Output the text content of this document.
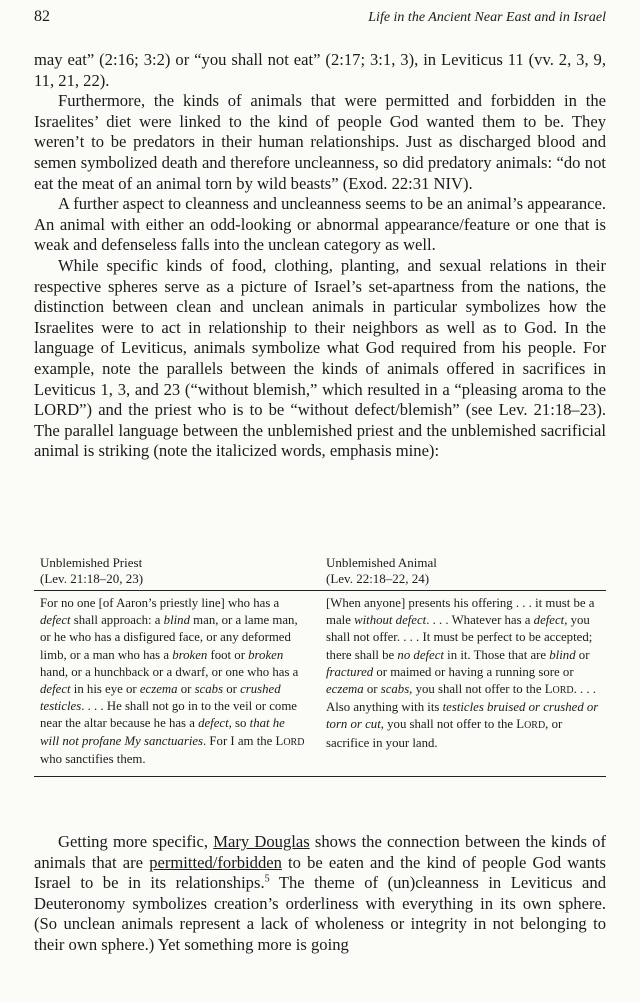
82	Life in the Ancient Near East and in Israel

may eat” (2:16; 3:2) or “you shall not eat” (2:17; 3:1, 3), in Leviticus 11 (vv. 2, 3, 9, 11, 21, 22).

Furthermore, the kinds of animals that were permitted and forbidden in the Israelites’ diet were linked to the kind of people God wanted them to be. They weren’t to be predators in their human relationships. Just as discharged blood and semen symbolized death and therefore uncleanness, so did predatory animals: “do not eat the meat of an animal torn by wild beasts” (Exod. 22:31 NIV).

A further aspect to cleanness and uncleanness seems to be an animal’s appearance. An animal with either an odd-looking or abnormal appearance/feature or one that is weak and defenseless falls into the unclean category as well.

While specific kinds of food, clothing, planting, and sexual relations in their respective spheres serve as a picture of Israel’s set-apartness from the nations, the distinction between clean and unclean animals in particular symbolizes how the Israelites were to act in relationship to their neighbors as well as to God. In the language of Leviticus, animals symbolize what God required from his people. For example, note the parallels between the kinds of animals offered in sacrifices in Leviticus 1, 3, and 23 (“without blemish,” which resulted in a “pleasing aroma to the LORD”) and the priest who is to be “without defect/blemish” (see Lev. 21:18–23). The parallel language between the unblemished priest and the unblemished sacrificial animal is striking (note the italicized words, emphasis mine):

Unblemished Priest
(Lev. 21:18–20, 23)
Unblemished Animal
(Lev. 22:18–22, 24)

For no one [of Aaron’s priestly line] who has a defect shall approach: a blind man, or a lame man, or he who has a disfigured face, or any deformed limb, or a man who has a broken foot or broken hand, or a hunchback or a dwarf, or one who has a defect in his eye or eczema or scabs or crushed testicles. . . . He shall not go in to the veil or come near the altar because he has a defect, so that he will not profane My sanctuaries. For I am the LORD who sanctifies them.

[When anyone] presents his offering . . . it must be a male without defect. . . . Whatever has a defect, you shall not offer. . . . It must be perfect to be accepted; there shall be no defect in it. Those that are blind or fractured or maimed or having a running sore or eczema or scabs, you shall not offer to the LORD. . . . Also anything with its testicles bruised or crushed or torn or cut, you shall not offer to the LORD, or sacrifice in your land.

Getting more specific, Mary Douglas shows the connection between the kinds of animals that are permitted/forbidden to be eaten and the kind of people God wants Israel to be in its relationships.$^5$ The theme of (un)cleanness in Leviticus and Deuteronomy symbolizes creation’s orderliness with everything in its own sphere. (So unclean animals represent a lack of wholeness or integrity in not belonging to their own sphere.) Yet something more is going
